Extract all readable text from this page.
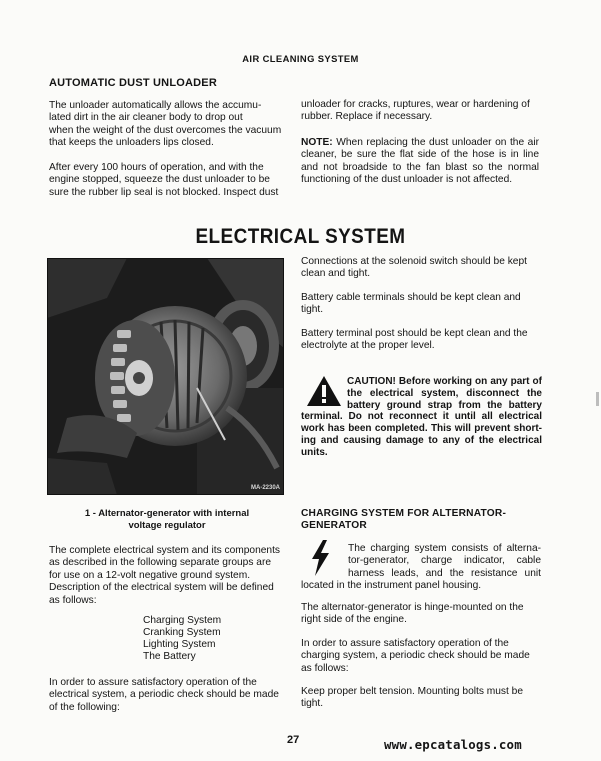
AIR CLEANING SYSTEM
AUTOMATIC DUST UNLOADER

The unloader automatically allows the accumu-
lated dirt in the air cleaner body to drop out
when the weight of the dust overcomes the vacuum
that keeps the unloaders lips closed.

After every 100 hours of operation, and with the
engine stopped, squeeze the dust unloader to be
sure the rubber lip seal is not blocked. Inspect dust

unloader for cracks, ruptures, wear or hardening of
rubber. Replace if necessary.

NOTE: When replacing the dust unloader on the air cleaner, be sure the flat side of the hose is in line and not broadside to the fan blast so the normal functioning of the dust unloader is not affected.

ELECTRICAL SYSTEM
MA-2230A
1 - Alternator-generator with internal
voltage regulator

The complete electrical system and its components
as described in the following separate groups are
for use on a 12-volt negative ground system.
Description of the electrical system will be defined
as follows:

Charging System
Cranking System
Lighting System
The Battery

In order to assure satisfactory operation of the
electrical system, a periodic check should be made
of the following:

Connections at the solenoid switch should be kept
clean and tight.

Battery cable terminals should be kept clean and
tight.

Battery terminal post should be kept clean and the
electrolyte at the proper level.

CAUTION! Before working on any part of the electrical system, disconnect the battery ground strap from the battery terminal. Do not reconnect it until all electrical work has been completed. This will prevent short-ing and causing damage to any of the electrical units.

CHARGING SYSTEM FOR ALTERNATOR-
GENERATOR

The charging system consists of alterna-tor-generator, charge indicator, cable harness leads, and the resistance unit located in the instrument panel housing.

The alternator-generator is hinge-mounted on the
right side of the engine.

In order to assure satisfactory operation of the
charging system, a periodic check should be made
as follows:

Keep proper belt tension. Mounting bolts must be
tight.

27	www.epcatalogs.com
